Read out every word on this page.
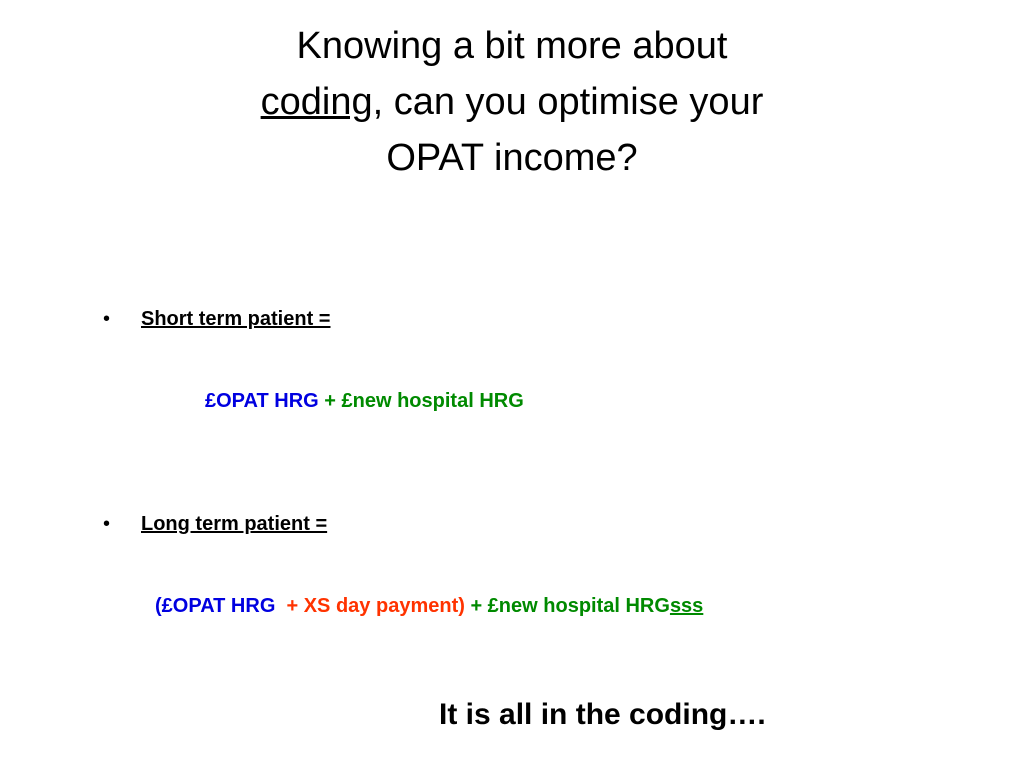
Knowing a bit more about
coding, can you optimise your
OPAT income?
• Short term patient =
£OPAT HRG + £new hospital HRG
• Long term patient =
(£OPAT HRG  + XS day payment) + £new hospital HRGsss
It is all in the coding….
